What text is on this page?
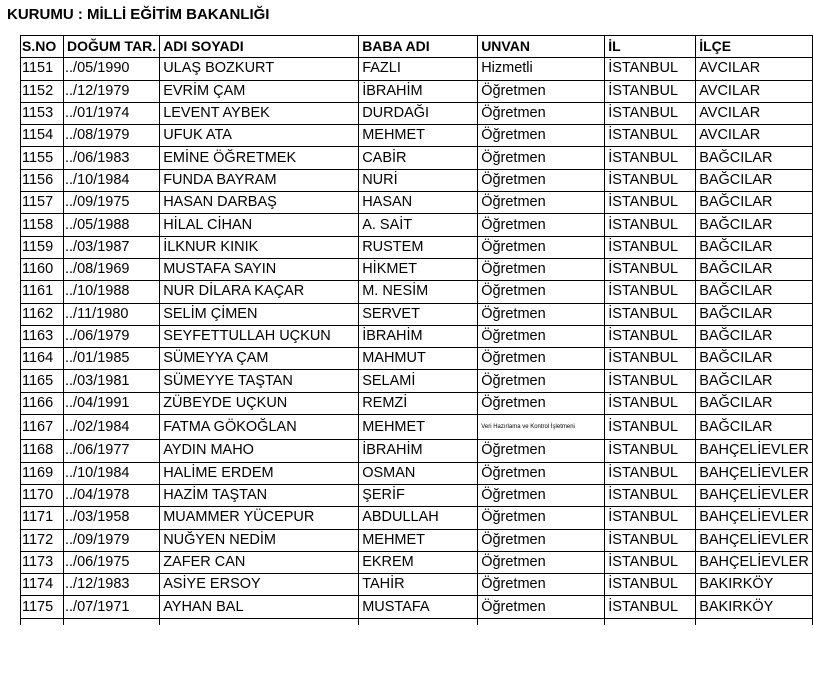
KURUMU : MİLLİ EĞİTİM BAKANLIĞI
S.NO	DOĞUM TAR.	ADI SOYADI	BABA ADI	UNVAN	İL	İLÇE
1151	../05/1990	ULAŞ BOZKURT	FAZLI	Hizmetli	İSTANBUL	AVCILAR
1152	../12/1979	EVRİM ÇAM	İBRAHİM	Öğretmen	İSTANBUL	AVCILAR
1153	../01/1974	LEVENT AYBEK	DURDAĞI	Öğretmen	İSTANBUL	AVCILAR
1154	../08/1979	UFUK ATA	MEHMET	Öğretmen	İSTANBUL	AVCILAR
1155	../06/1983	EMİNE ÖĞRETMEK	CABİR	Öğretmen	İSTANBUL	BAĞCILAR
1156	../10/1984	FUNDA BAYRAM	NURİ	Öğretmen	İSTANBUL	BAĞCILAR
1157	../09/1975	HASAN DARBAŞ	HASAN	Öğretmen	İSTANBUL	BAĞCILAR
1158	../05/1988	HİLAL CİHAN	A. SAİT	Öğretmen	İSTANBUL	BAĞCILAR
1159	../03/1987	İLKNUR KINIK	RUSTEM	Öğretmen	İSTANBUL	BAĞCILAR
1160	../08/1969	MUSTAFA SAYIN	HİKMET	Öğretmen	İSTANBUL	BAĞCILAR
1161	../10/1988	NUR DİLARA KAÇAR	M. NESİM	Öğretmen	İSTANBUL	BAĞCILAR
1162	../11/1980	SELİM ÇİMEN	SERVET	Öğretmen	İSTANBUL	BAĞCILAR
1163	../06/1979	SEYFETTULLAH UÇKUN	İBRAHİM	Öğretmen	İSTANBUL	BAĞCILAR
1164	../01/1985	SÜMEYYA ÇAM	MAHMUT	Öğretmen	İSTANBUL	BAĞCILAR
1165	../03/1981	SÜMEYYE TAŞTAN	SELAMİ	Öğretmen	İSTANBUL	BAĞCILAR
1166	../04/1991	ZÜBEYDE UÇKUN	REMZİ	Öğretmen	İSTANBUL	BAĞCILAR
1167	../02/1984	FATMA GÖKOĞLAN	MEHMET	Veri Hazırlama ve Kontrol İşletmeni	İSTANBUL	BAĞCILAR
1168	../06/1977	AYDIN MAHO	İBRAHİM	Öğretmen	İSTANBUL	BAHÇELİEVLER
1169	../10/1984	HALİME ERDEM	OSMAN	Öğretmen	İSTANBUL	BAHÇELİEVLER
1170	../04/1978	HAZİM TAŞTAN	ŞERİF	Öğretmen	İSTANBUL	BAHÇELİEVLER
1171	../03/1958	MUAMMER YÜCEPUR	ABDULLAH	Öğretmen	İSTANBUL	BAHÇELİEVLER
1172	../09/1979	NUĞYEN NEDİM	MEHMET	Öğretmen	İSTANBUL	BAHÇELİEVLER
1173	../06/1975	ZAFER CAN	EKREM	Öğretmen	İSTANBUL	BAHÇELİEVLER
1174	../12/1983	ASİYE ERSOY	TAHİR	Öğretmen	İSTANBUL	BAKIRKÖY
1175	../07/1971	AYHAN BAL	MUSTAFA	Öğretmen	İSTANBUL	BAKIRKÖY
